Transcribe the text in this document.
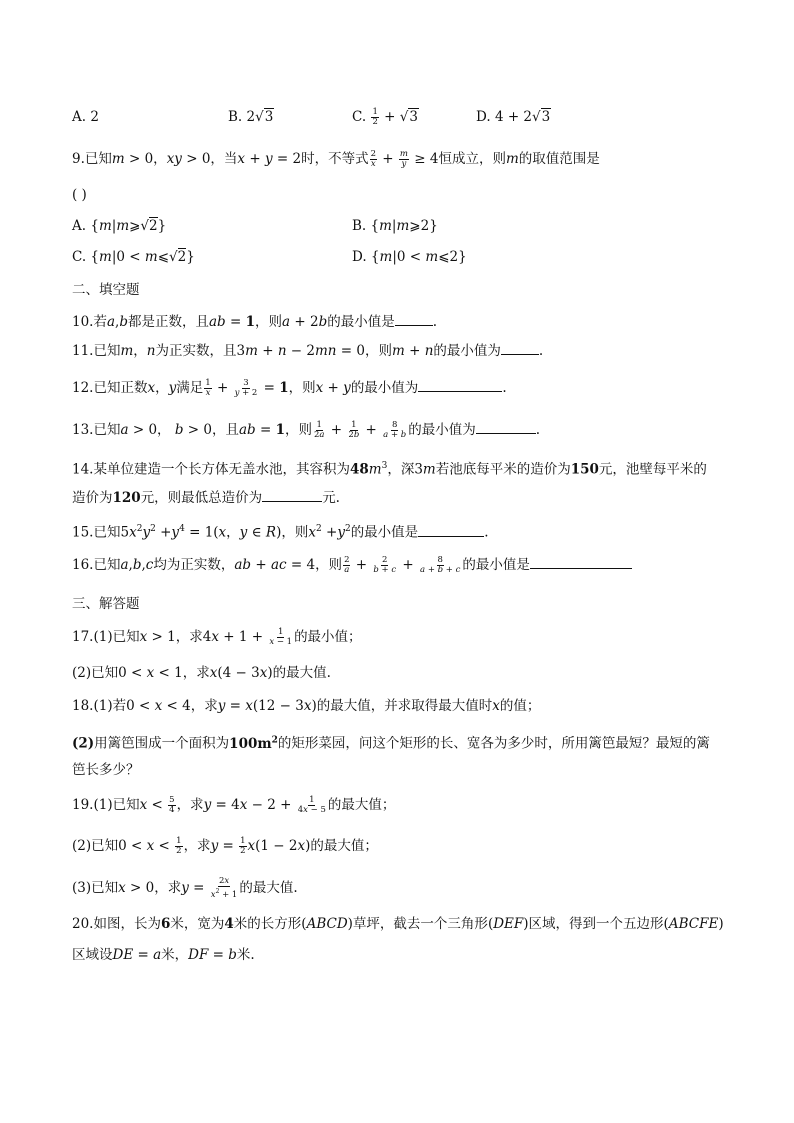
A. 2	B. 2√3	C. $\frac{1}{2} + √3$	D. 4 + 2√3
9.已知m > 0，xy > 0，当x + y = 2时，不等式 $\frac{2}{x} + \frac{m}{y} \ge 4$恒成立，则m的取值范围是
( )
A. {m|m⩾√2}	B. {m|m⩾2}
C. {m|0 < m⩽√2}	D. {m|0 < m⩽2}
二、填空题
10.若a,b都是正数，且ab = 1，则a + 2b的最小值是	.
11.已知m，n为正实数，且3m + n − 2mn = 0，则m + n的最小值为	.
12.已知正数x，y满足 $\frac{1}{x} + \frac{3}{y + 2} = 1$，则x + y的最小值为	.
13.已知a > 0， b > 0，且ab = 1，则 $\frac{1}{2a} + \frac{1}{2b} + \frac{8}{a + b}$ 的最小值为	.
14.某单位建造一个长方体无盖水池，其容积为$48m^3$，深3m若池底每平米的造价为150元，池壁每平米的
造价为120元，则最低总造价为	元.
15.已知$5x^2y^2 +y^4 = 1(x$，y ∈ R)，则$x^2 +y^2$的最小值是	.
16.已知a,b,c均为正实数，ab + ac = 4，则 $\frac{2}{a} + \frac{2}{b + c} + \frac{8}{a + b + c}$ 的最小值是
三、解答题
17.(1)已知x > 1，求$4x + 1 + \frac{1}{x - 1}$ 的最小值；
(2)已知0 < x < 1，求x(4 − 3x)的最大值.
18.(1)若0 < x < 4，求y = x(12 − 3x)的最大值，并求取得最大值时x的值；
(2)用篱笆围成一个面积为$100m^2$的矩形菜园，问这个矩形的长、宽各为多少时，所用篱笆最短？最短的篱
笆长多少？
19.(1)已知$x < \frac{5}{4}$ ，求$y = 4x - 2 + \frac{1}{4x - 5}$ 的最大值；
(2)已知$0 < x < \frac{1}{2}$ ，求$y = \frac{1}{2} x(1 - 2x)$的最大值；
(3)已知x > 0，求$y = \frac{2x}{x^2 + 1}$ 的最大值.
20.如图，长为6米，宽为4米的长方形(ABCD)草坪，截去一个三角形(DEF)区域，得到一个五边形(ABCFE)
区域设DE = a米，DF = b米.
